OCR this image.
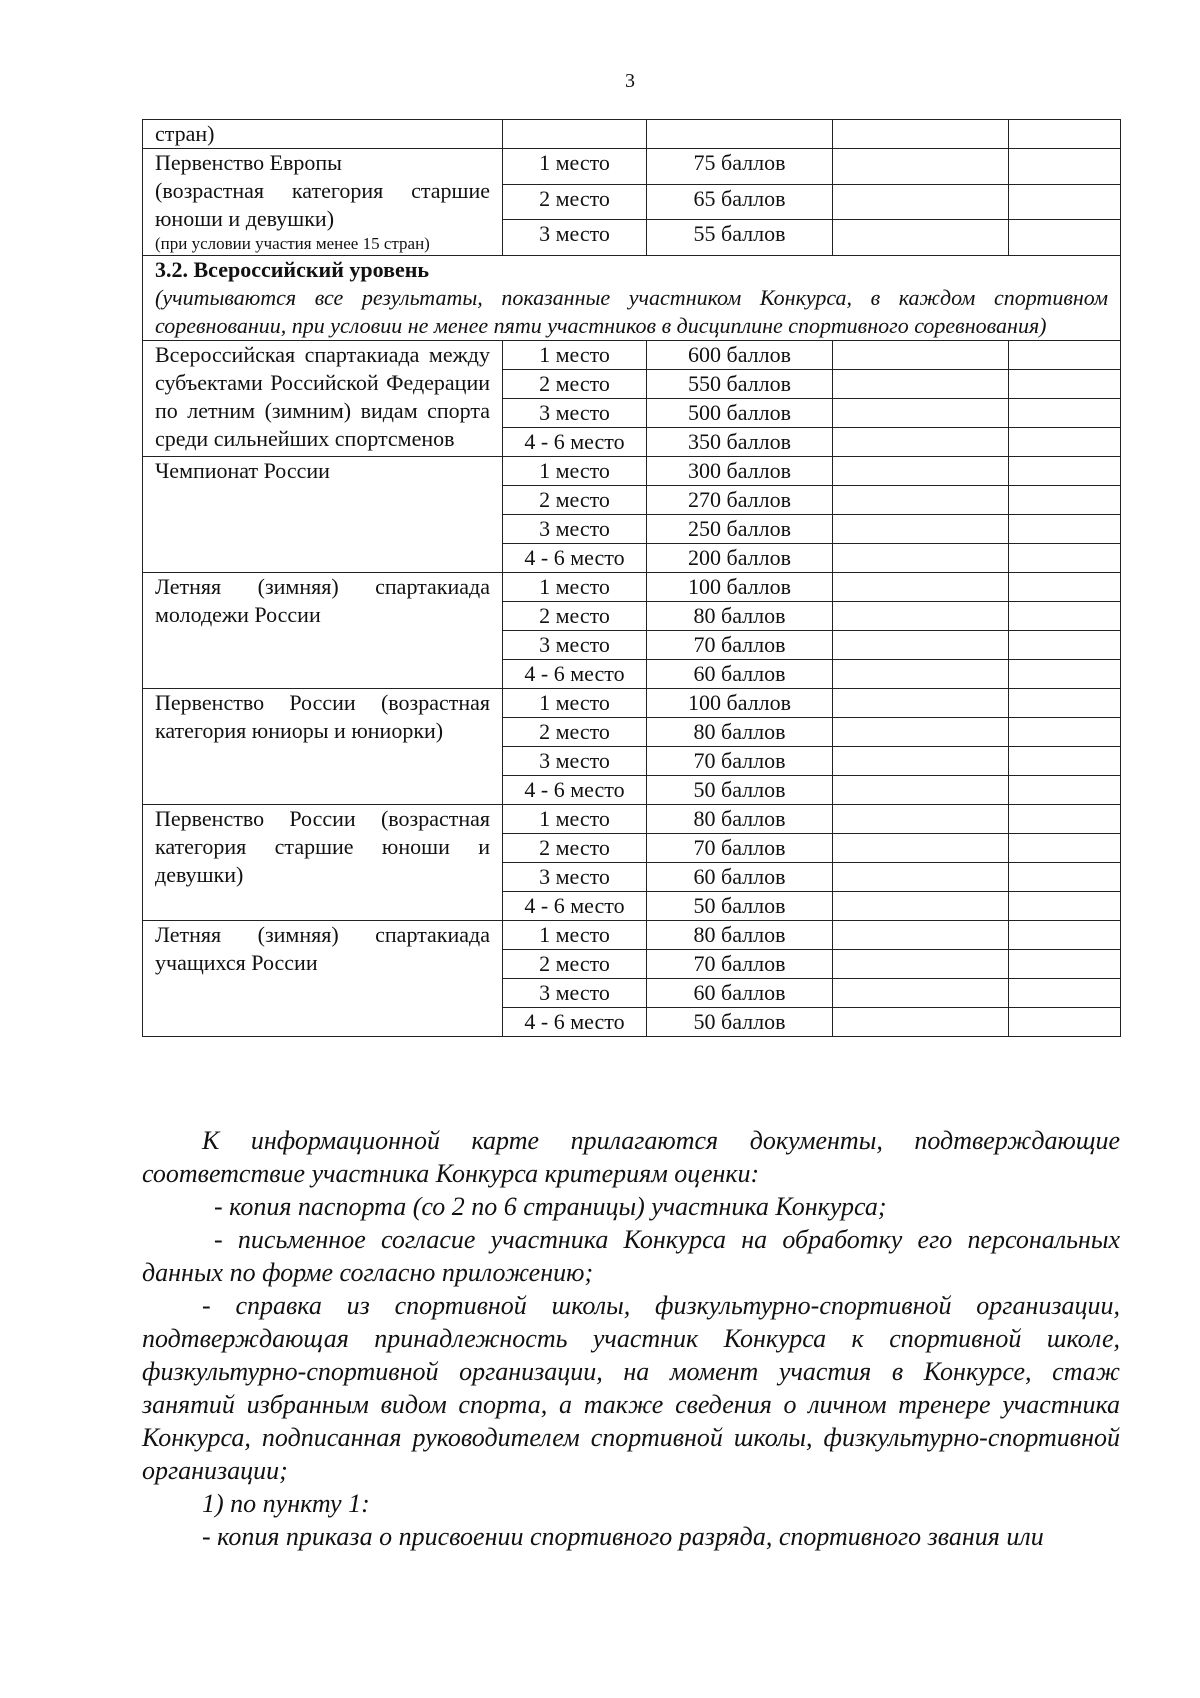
3
стран)				

Первенство Европы
(возрастная категория старшие
юноши и девушки)
(при условии участия менее 15 стран)	1 место	75 баллов		
	2 место	65 баллов		
	3 место	55 баллов		

3.2. Всероссийский уровень
(учитываются все результаты, показанные участником Конкурса, в каждом спортивном соревновании, при условии не менее пяти участников в дисциплине спортивного соревнования)				

Всероссийская спартакиада между субъектами Российской Федерации по летним (зимним) видам спорта среди сильнейших спортсменов	1 место	600 баллов		
	2 место	550 баллов		
	3 место	500 баллов		
	4 - 6 место	350 баллов		
Чемпионат России	1 место	300 баллов		
	2 место	270 баллов		
	3 место	250 баллов		
	4 - 6 место	200 баллов		
Летняя (зимняя) спартакиада молодежи России	1 место	100 баллов		
	2 место	80 баллов		
	3 место	70 баллов		
	4 - 6 место	60 баллов		
Первенство России (возрастная категория юниоры и юниорки)	1 место	100 баллов		
	2 место	80 баллов		
	3 место	70 баллов		
	4 - 6 место	50 баллов		
Первенство России (возрастная категория старшие юноши и девушки)	1 место	80 баллов		
	2 место	70 баллов		
	3 место	60 баллов		
	4 - 6 место	50 баллов		
Летняя (зимняя) спартакиада учащихся России	1 место	80 баллов		
	2 место	70 баллов		
	3 место	60 баллов		
	4 - 6 место	50 баллов		

К информационной карте прилагаются документы, подтверждающие соответствие участника Конкурса критериям оценки:

- копия паспорта (со 2 по 6 страницы) участника Конкурса;

- письменное согласие участника Конкурса на обработку его персональных данных по форме согласно приложению;

- справка из спортивной школы, физкультурно-спортивной организации, подтверждающая принадлежность участник Конкурса к спортивной школе, физкультурно-спортивной организации, на момент участия в Конкурсе, стаж занятий избранным видом спорта, а также сведения о личном тренере участника Конкурса, подписанная руководителем спортивной школы, физкультурно-спортивной организации;

1) по пункту 1:

- копия приказа о присвоении спортивного разряда, спортивного звания или
